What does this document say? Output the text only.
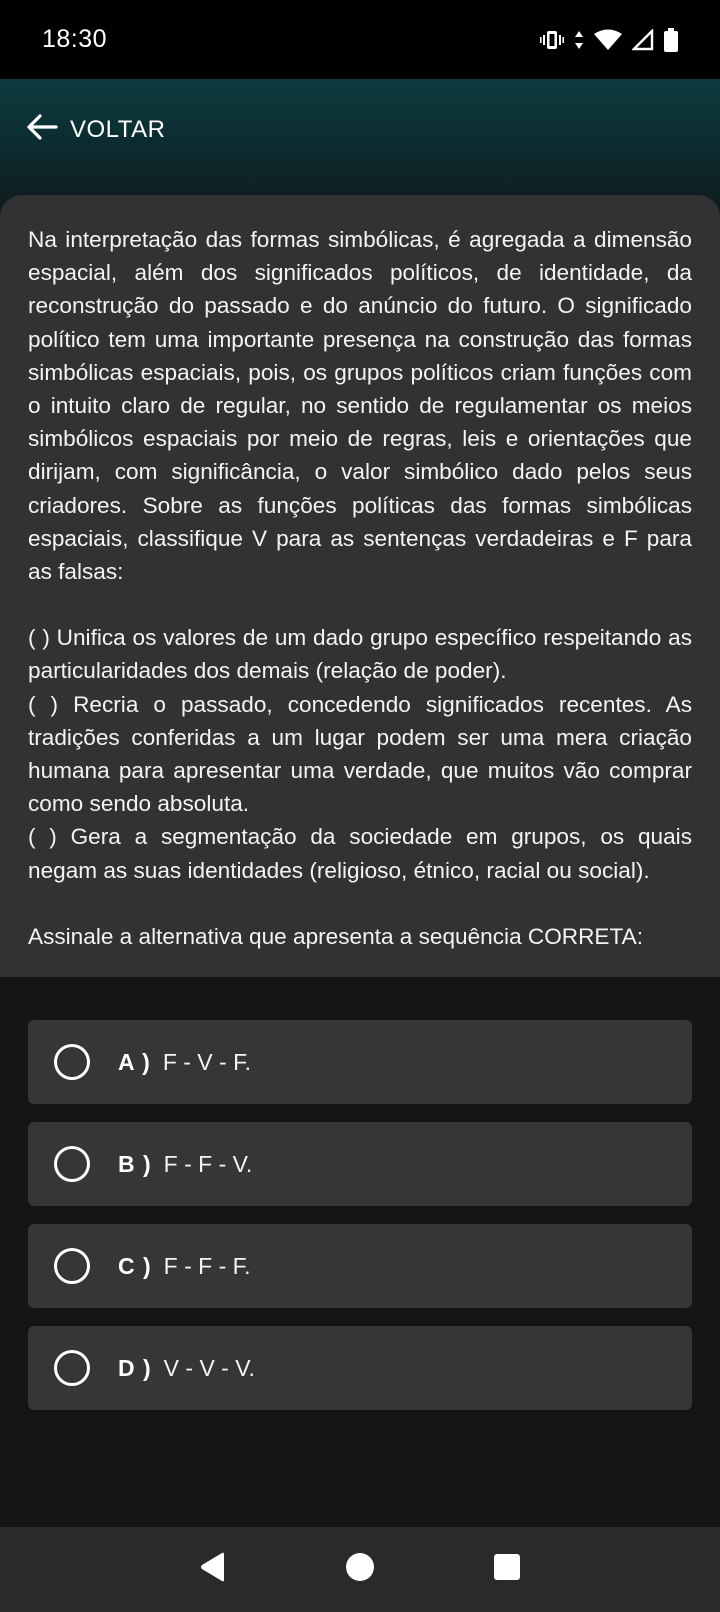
18:30
VOLTAR

Na interpretação das formas simbólicas, é agregada a dimensão espacial, além dos significados políticos, de identidade, da reconstrução do passado e do anúncio do futuro. O significado político tem uma importante presença na construção das formas simbólicas espaciais, pois, os grupos políticos criam funções com o intuito claro de regular, no sentido de regulamentar os meios simbólicos espaciais por meio de regras, leis e orientações que dirijam, com significância, o valor simbólico dado pelos seus criadores. Sobre as funções políticas das formas simbólicas espaciais, classifique V para as sentenças verdadeiras e F para as falsas:

( ) Unifica os valores de um dado grupo específico respeitando as particularidades dos demais (relação de poder).

( ) Recria o passado, concedendo significados recentes. As tradições conferidas a um lugar podem ser uma mera criação humana para apresentar uma verdade, que muitos vão comprar como sendo absoluta.

( ) Gera a segmentação da sociedade em grupos, os quais negam as suas identidades (religioso, étnico, racial ou social).

Assinale a alternativa que apresenta a sequência CORRETA:

A ) F - V - F.
B ) F - F - V.
C ) F - F - F.
D ) V - V - V.
